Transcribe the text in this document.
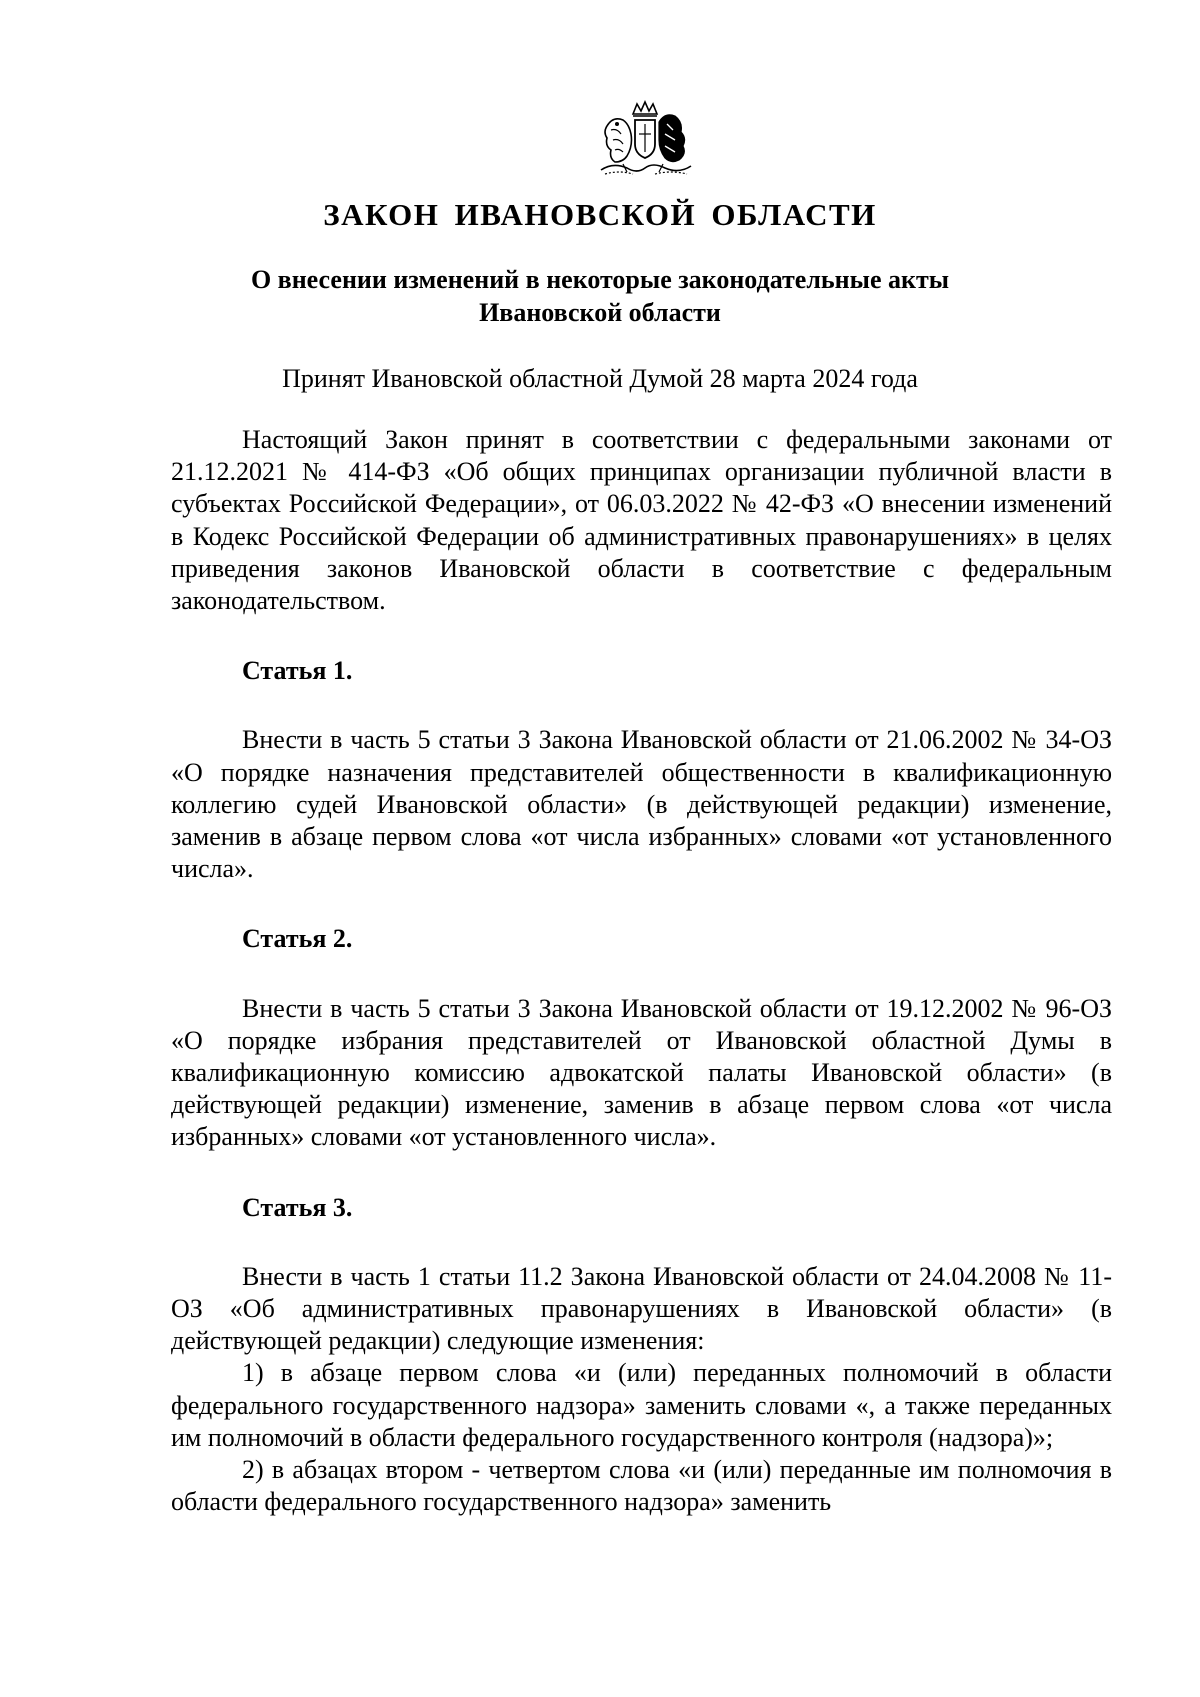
ЗАКОН ИВАНОВСКОЙ ОБЛАСТИ
О внесении изменений в некоторые законодательные акты
Ивановской области
Принят Ивановской областной Думой 28 марта 2024 года

Настоящий Закон принят в соответствии с федеральными законами от 21.12.2021 № 414-ФЗ «Об общих принципах организации публичной власти в субъектах Российской Федерации», от 06.03.2022 № 42-ФЗ «О внесении изменений в Кодекс Российской Федерации об административных правонарушениях» в целях приведения законов Ивановской области в соответствие с федеральным законодательством.

Статья 1.

Внести в часть 5 статьи 3 Закона Ивановской области от 21.06.2002 № 34-ОЗ «О порядке назначения представителей общественности в квалификационную коллегию судей Ивановской области» (в действующей редакции) изменение, заменив в абзаце первом слова «от числа избранных» словами «от установленного числа».

Статья 2.

Внести в часть 5 статьи 3 Закона Ивановской области от 19.12.2002 № 96-ОЗ «О порядке избрания представителей от Ивановской областной Думы в квалификационную комиссию адвокатской палаты Ивановской области» (в действующей редакции) изменение, заменив в абзаце первом слова «от числа избранных» словами «от установленного числа».

Статья 3.

Внести в часть 1 статьи 11.2 Закона Ивановской области от 24.04.2008 № 11-ОЗ «Об административных правонарушениях в Ивановской области» (в действующей редакции) следующие изменения:

1) в абзаце первом слова «и (или) переданных полномочий в области федерального государственного надзора» заменить словами «, а также переданных им полномочий в области федерального государственного контроля (надзора)»;

2) в абзацах втором - четвертом слова «и (или) переданные им полномочия в области федерального государственного надзора» заменить
